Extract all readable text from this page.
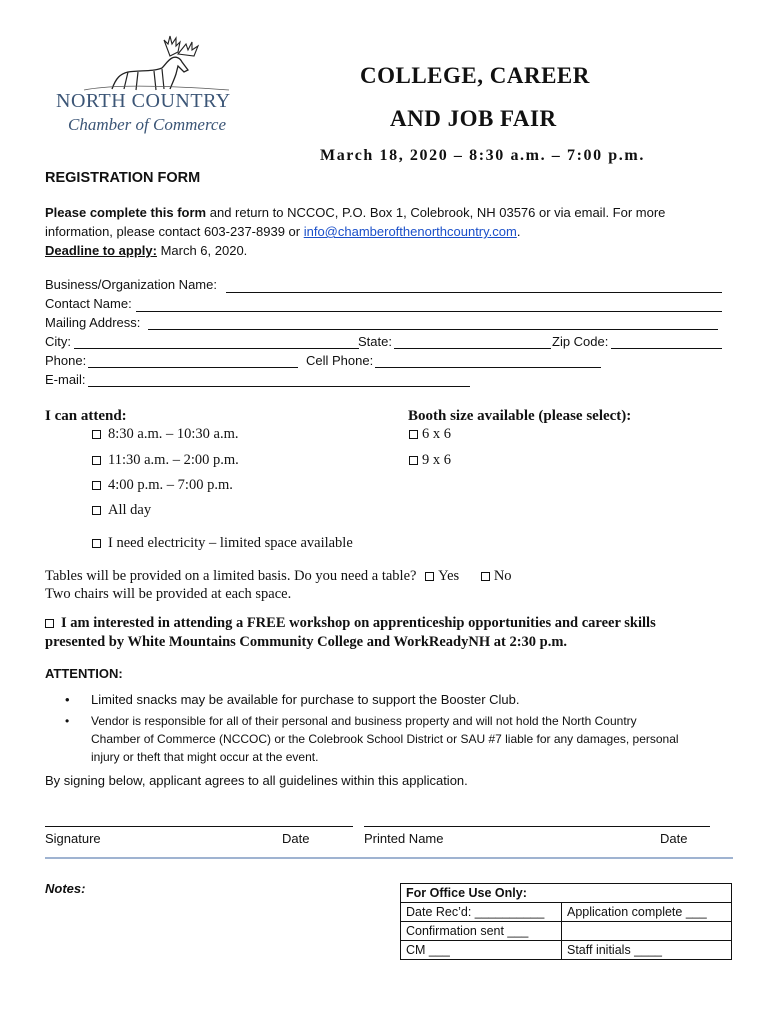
NORTH COUNTRY
Chamber of Commerce
COLLEGE, CAREER
AND JOB FAIR
March 18, 2020 – 8:30 a.m. – 7:00 p.m.
REGISTRATION FORM
Please complete this form and return to NCCOC, P.O. Box 1, Colebrook, NH 03576 or via email. For more
information, please contact 603-237-8939 or info@chamberofthenorthcountry.com.
Deadline to apply: March 6, 2020.
Business/Organization Name:
Contact Name:
Mailing Address:
City:	State:	Zip Code:
Phone:	Cell Phone:
E-mail:
I can attend:
8:30 a.m. – 10:30 a.m.
11:30 a.m. – 2:00 p.m.
4:00 p.m. – 7:00 p.m.
All day
I need electricity – limited space available
Booth size available (please select):
6 x 6
9 x 6
Tables will be provided on a limited basis. Do you need a table? Yes No
Two chairs will be provided at each space.
I am interested in attending a FREE workshop on apprenticeship opportunities and career skills
presented by White Mountains Community College and WorkReadyNH at 2:30 p.m.
ATTENTION:
• Limited snacks may be available for purchase to support the Booster Club.
• Vendor is responsible for all of their personal and business property and will not hold the North Country
Chamber of Commerce (NCCOC) or the Colebrook School District or SAU #7 liable for any damages, personal
injury or theft that might occur at the event.
By signing below, applicant agrees to all guidelines within this application.
Signature	Date	Printed Name	Date
Notes:	For Office Use Only:	
Date Rec’d: __________	Application complete ___
Confirmation sent ___	
CM ___	Staff initials ____
